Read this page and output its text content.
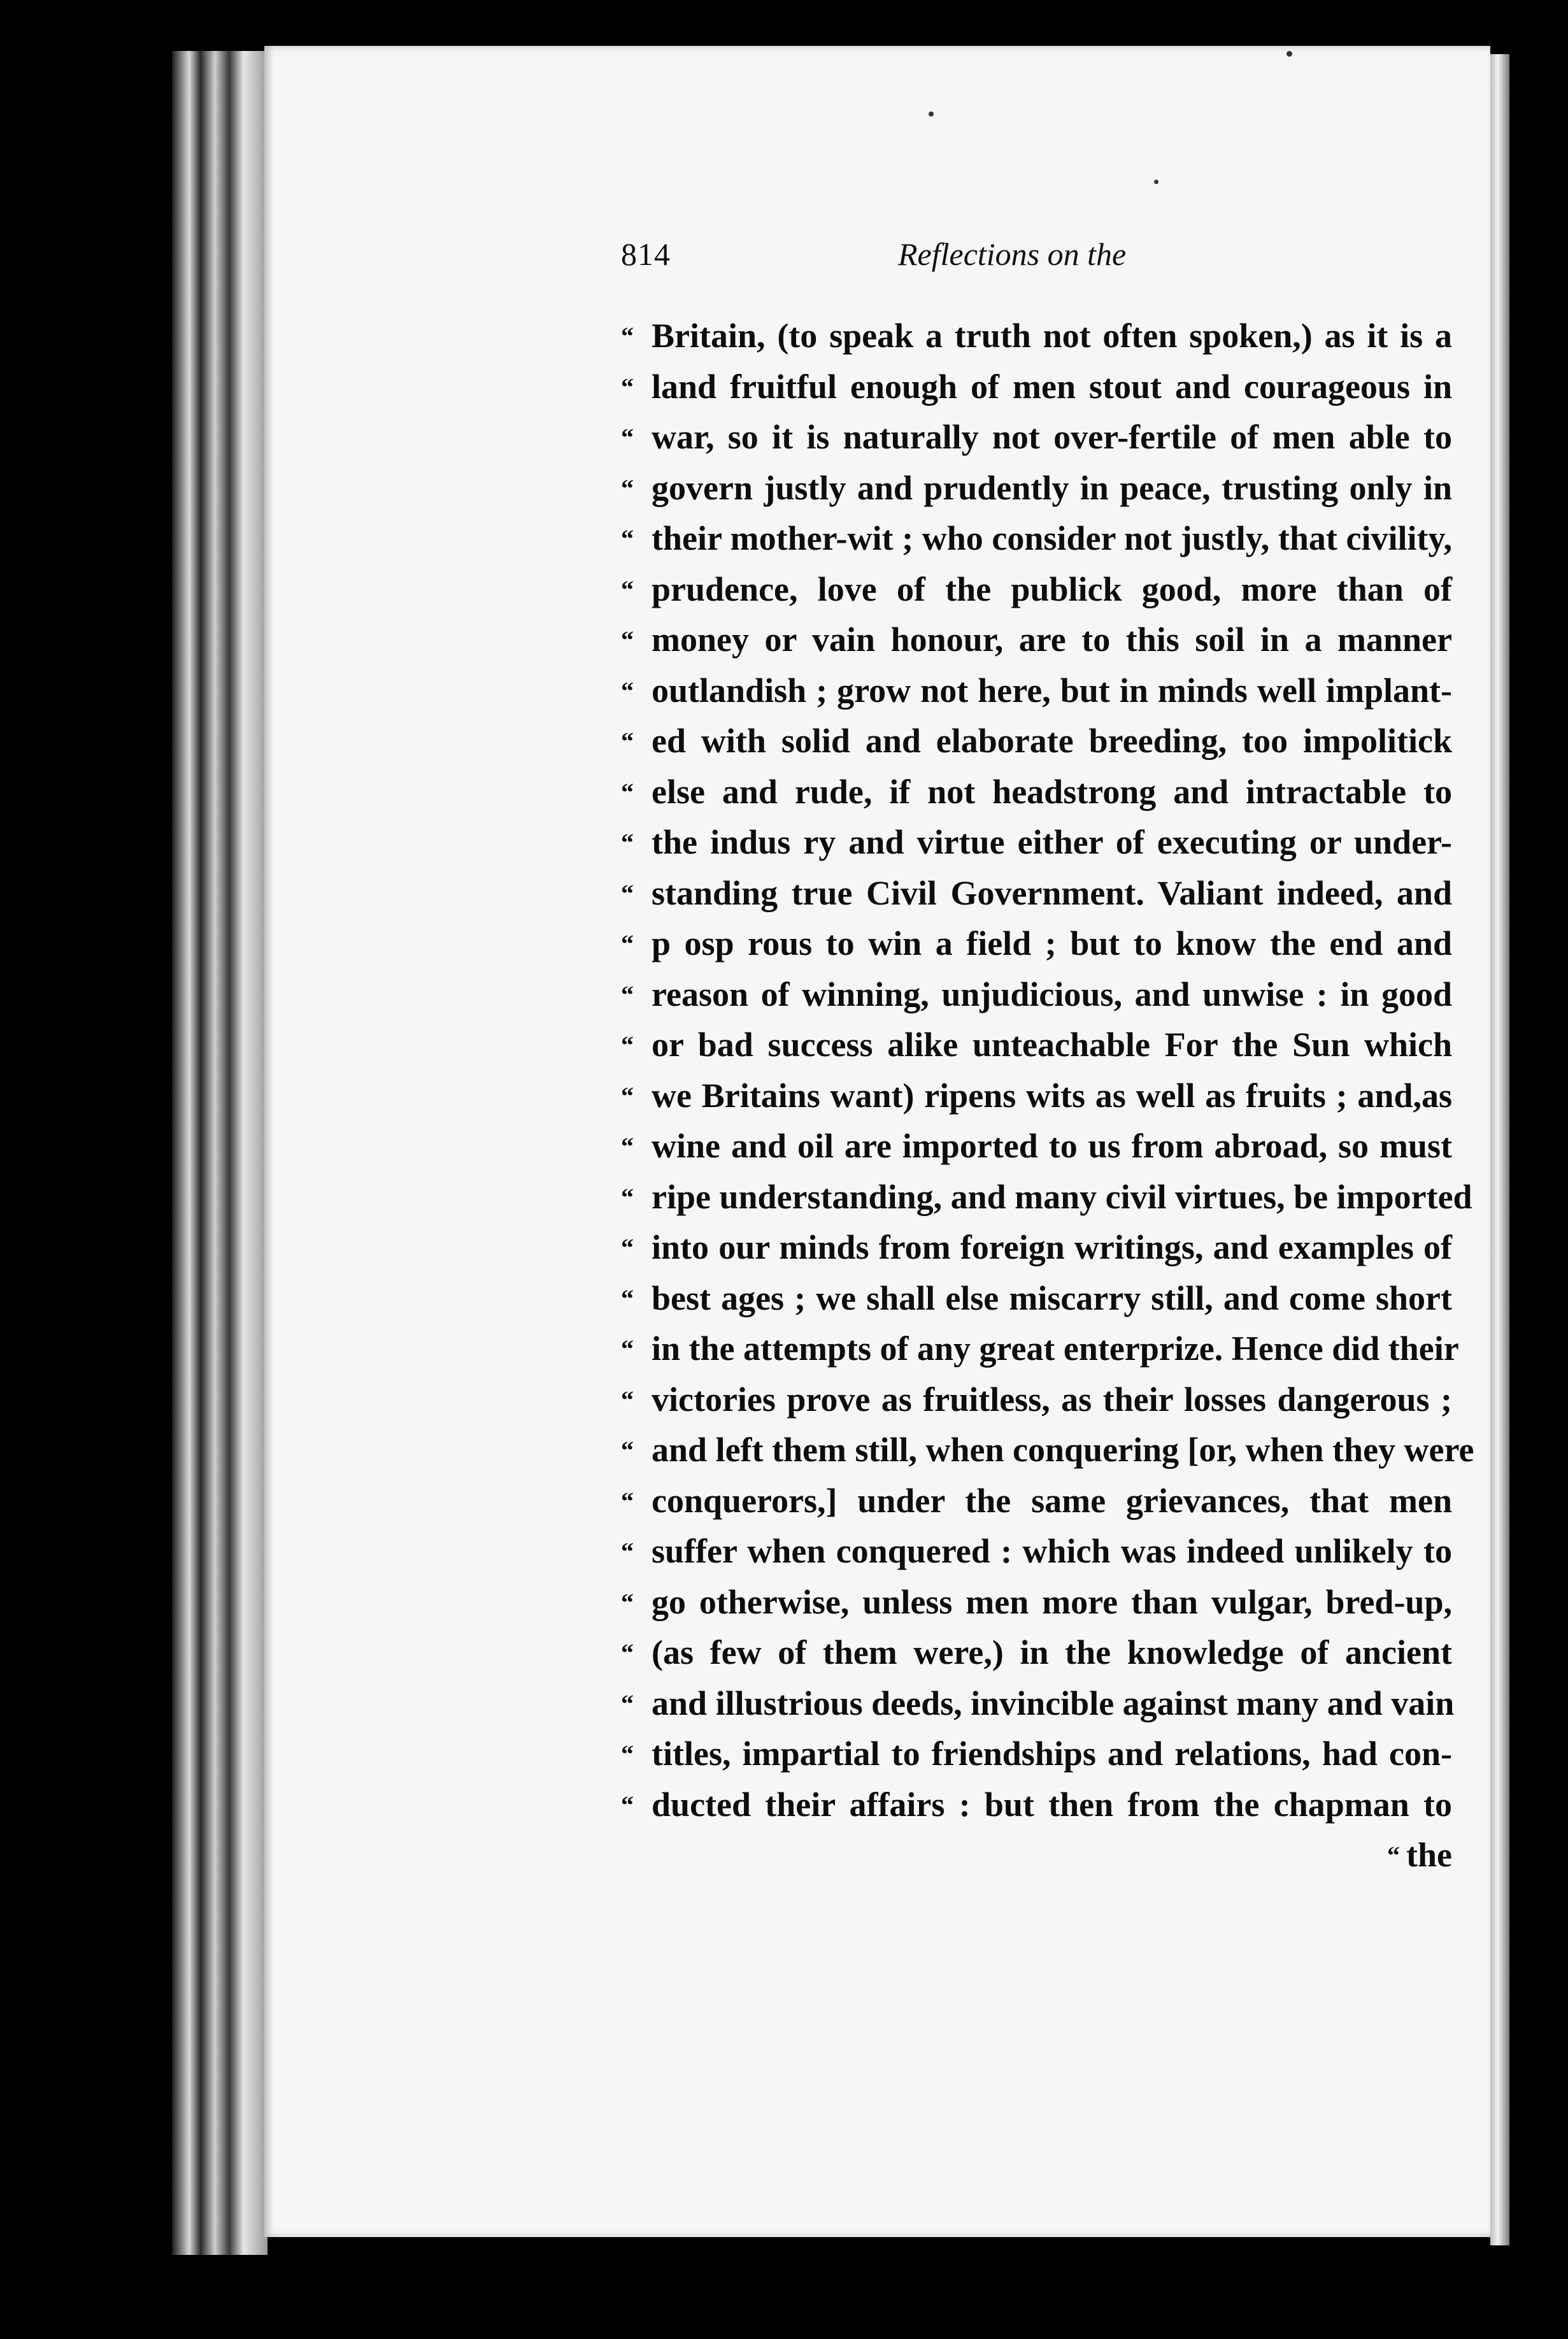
814	Reflections on the
“ Britain, (to speak a truth not often spoken,) as it is a
“ land fruitful enough of men stout and courageous in
“ war, so it is naturally not over-fertile of men able to
“ govern justly and prudently in peace, trusting only in
“ their mother-wit ; who consider not justly, that civility,
“ prudence, love of the publick good, more than of
“ money or vain honour, are to this soil in a manner
“ outlandish ; grow not here, but in minds well implant-
“ ed with solid and elaborate breeding, too impolitick
“ else and rude, if not headstrong and intractable to
“ the indus ry and virtue either of executing or under-
“ standing true Civil Government. Valiant indeed, and
“ p osp rous to win a field ; but to know the end and
“ reason of winning, unjudicious, and unwise : in good
“ or bad success alike unteachable For the Sun which
“ we Britains want) ripens wits as well as fruits ; and,as
“ wine and oil are imported to us from abroad, so must
“ ripe understanding, and many civil virtues, be imported
“ into our minds from foreign writings, and examples of
“ best ages ; we shall else miscarry still, and come short
“ in the attempts of any great enterprize. Hence did their
“ victories prove as fruitless, as their losses dangerous ;
“ and left them still, when conquering [or, when they were
“ conquerors,] under the same grievances, that men
“ suffer when conquered : which was indeed unlikely to
“ go otherwise, unless men more than vulgar, bred-up,
“ (as few of them were,) in the knowledge of ancient
“ and illustrious deeds, invincible against many and vain
“ titles, impartial to friendships and relations, had con-
“ ducted their affairs : but then from the chapman to
“ the
